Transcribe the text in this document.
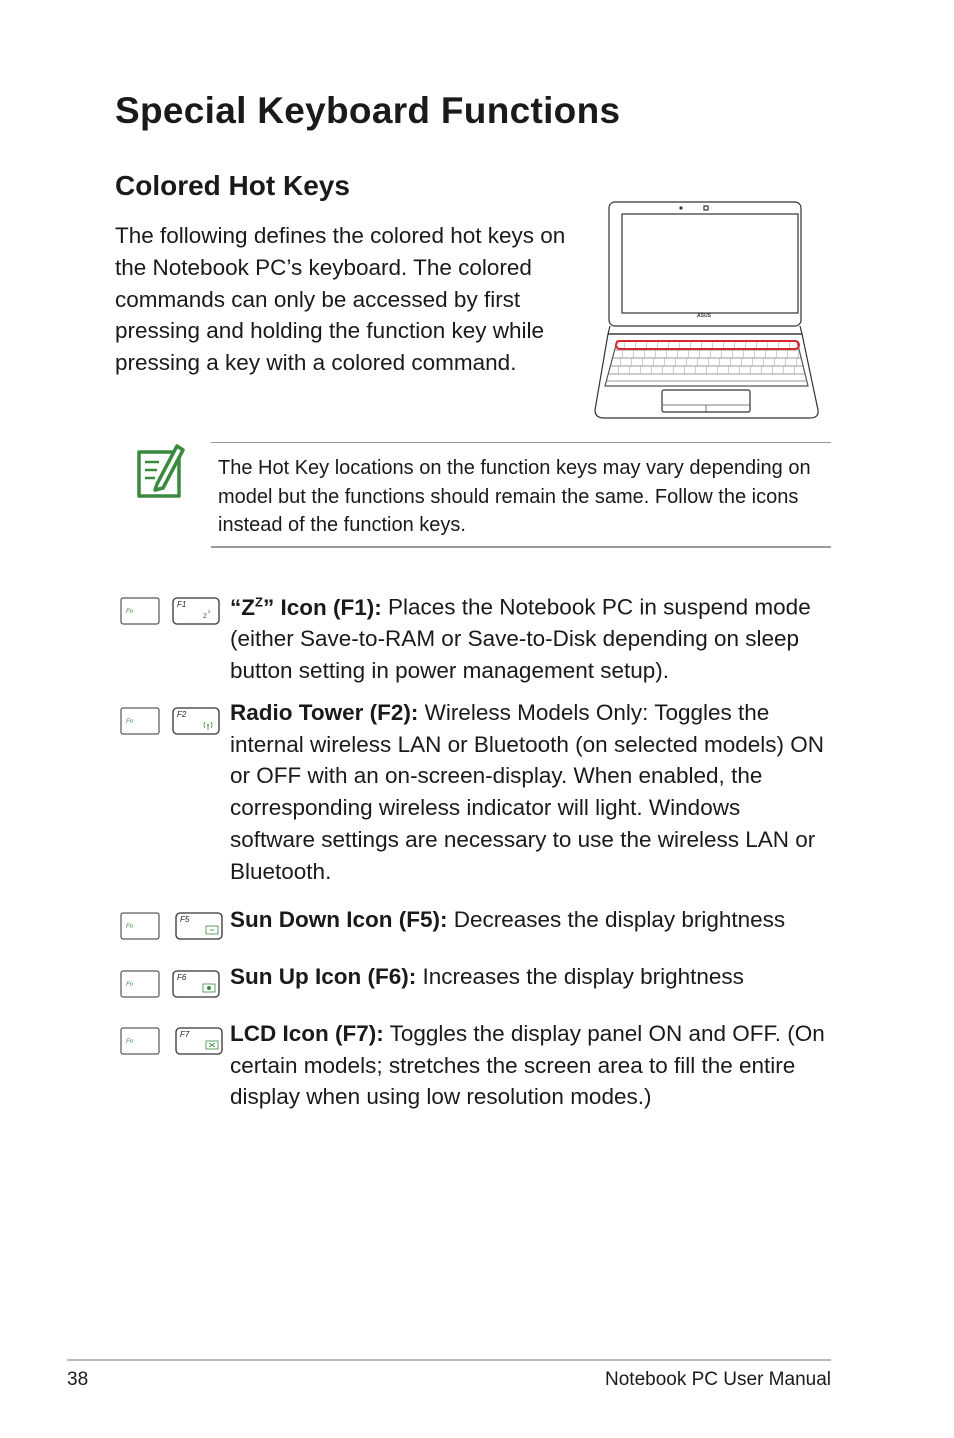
Special Keyboard Functions
Colored Hot Keys

The following defines the colored hot keys on the Notebook PC’s keyboard. The colored commands can only be accessed by first pressing and holding the function key while pressing a key with a colored command.

ASUS

The Hot Key locations on the function keys may vary depending on model but the functions should remain the same. Follow the icons instead of the function keys.

Fn
F1
z z “$Z^Z$” Icon (F1): Places the Notebook PC in suspend mode (either Save-to-RAM or Save-to-Disk depending on sleep button setting in power management setup).

Fn
F2 Radio Tower (F2): Wireless Models Only: Toggles the internal wireless LAN or Bluetooth (on selected models) ON or OFF with an on-screen-display. When enabled, the corresponding wireless indicator will light. Windows software settings are necessary to use the wireless LAN or Bluetooth.

Fn
F5 Sun Down Icon (F5): Decreases the display brightness

Fn
F6 Sun Up Icon (F6): Increases the display brightness

Fn
F7 LCD Icon (F7): Toggles the display panel ON and OFF. (On certain models; stretches the screen area to fill the entire display when using low resolution modes.)

38	Notebook PC User Manual
